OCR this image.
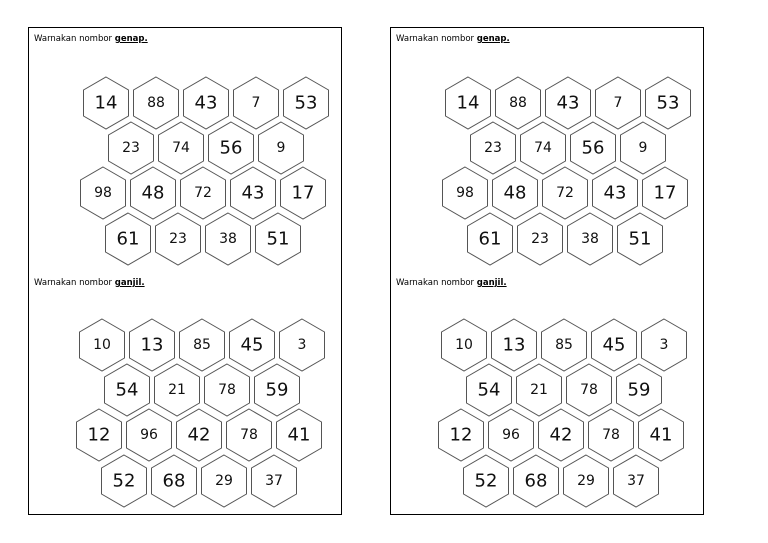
Warnakan nombor genap.
14 88 43 7 53
23 74 56 9
98 48 72 43 17
61 23 38 51
Warnakan nombor ganjil.
10 13 85 45 3
54 21 78 59
12 96 42 78 41
52 68 29 37
Warnakan nombor genap.
14 88 43 7 53
23 74 56 9
98 48 72 43 17
61 23 38 51
Warnakan nombor ganjil.
10 13 85 45 3
54 21 78 59
12 96 42 78 41
52 68 29 37
